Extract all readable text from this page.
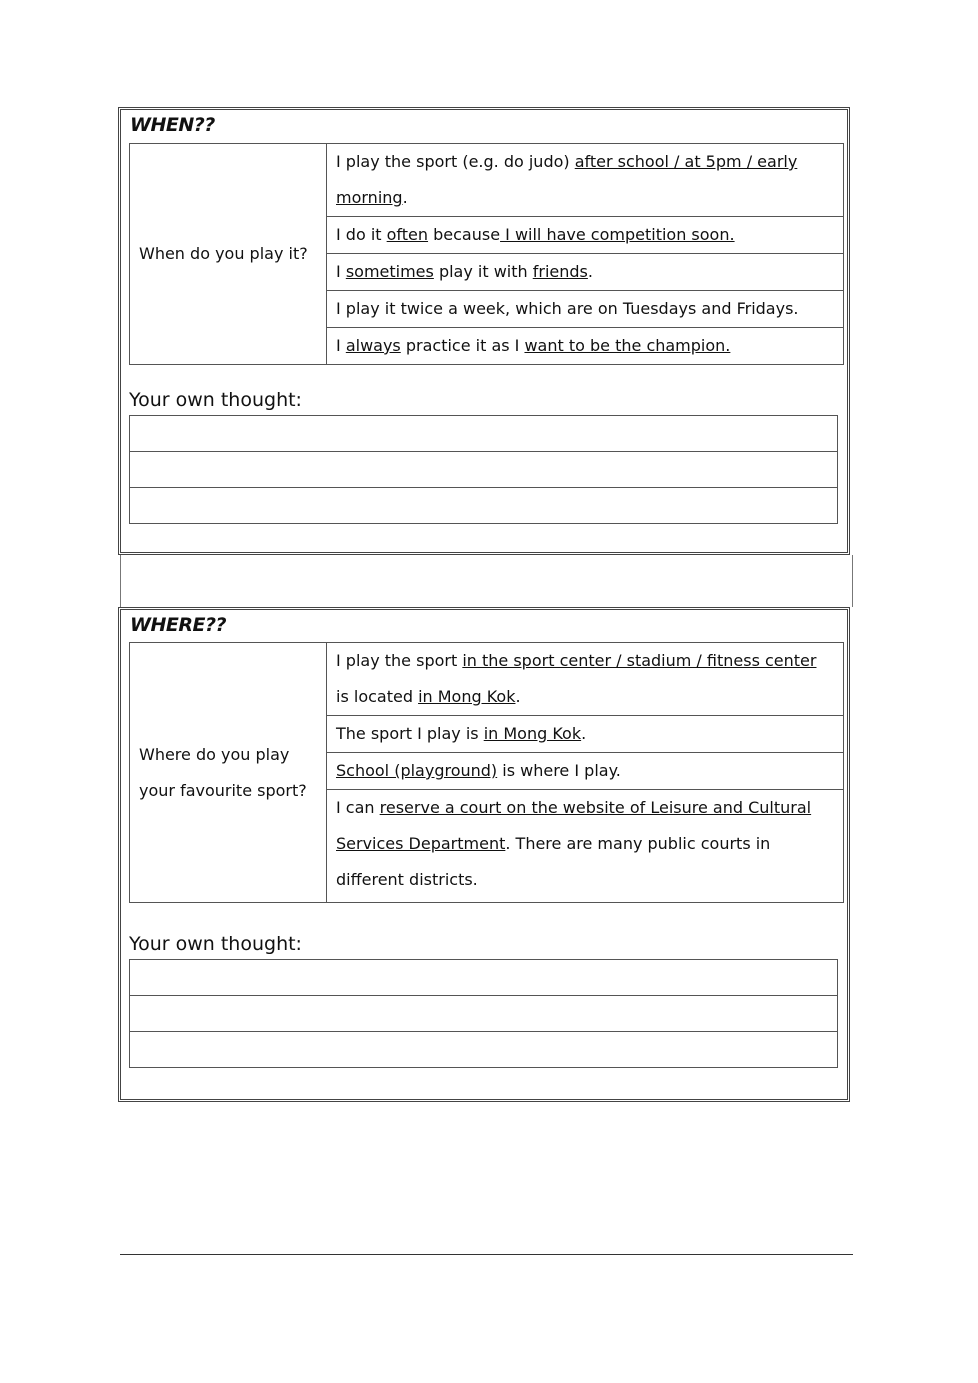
WHEN??
When do you play it?	I play the sport (e.g. do judo) after school / at 5pm / early morning.
I do it often because I will have competition soon.
I sometimes play it with friends.
I play it twice a week, which are on Tuesdays and Fridays.
I always practice it as I want to be the champion.
Your own thought:

WHERE??
Where do you play your favourite sport?	I play the sport in the sport center / stadium / fitness center is located in Mong Kok.
The sport I play is in Mong Kok.
School (playground) is where I play.
I can reserve a court on the website of Leisure and Cultural Services Department. There are many public courts in different districts.
Your own thought:
